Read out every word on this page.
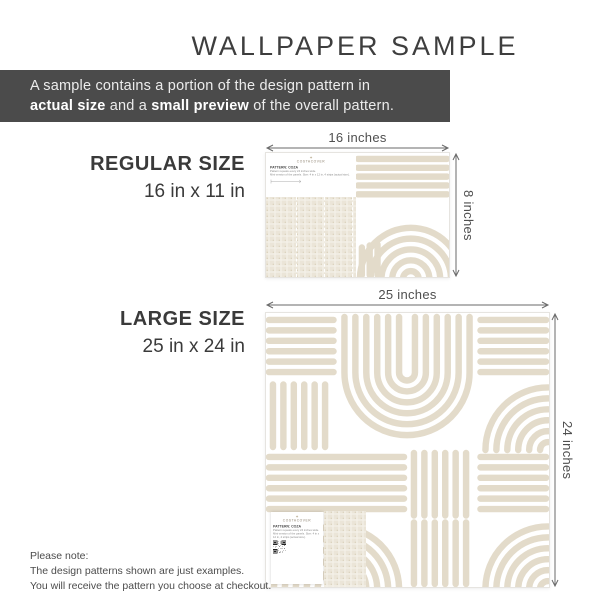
WALLPAPER SAMPLE

A sample contains a portion of the design pattern in
actual size and a small preview of the overall pattern.

REGULAR SIZE
16 in x 11 in
16 inches
8 inches
✦
COSTACOVER
PATTERN: COZA
Pattern repeats every 24 inches wide.
Mini version of the panels. Size: 4 in x 12 in, 4 strips (actual size).
LARGE SIZE
25 in x 24 in
25 inches
24 inches
✦
COSTACOVER
PATTERN: COZA
Pattern repeats every 24 inches wide.
Mini version of the panels. Size: 4 in x 12 in, 4 strips (actual size).
Please note:
The design patterns shown are just examples.
You will receive the pattern you choose at checkout.
